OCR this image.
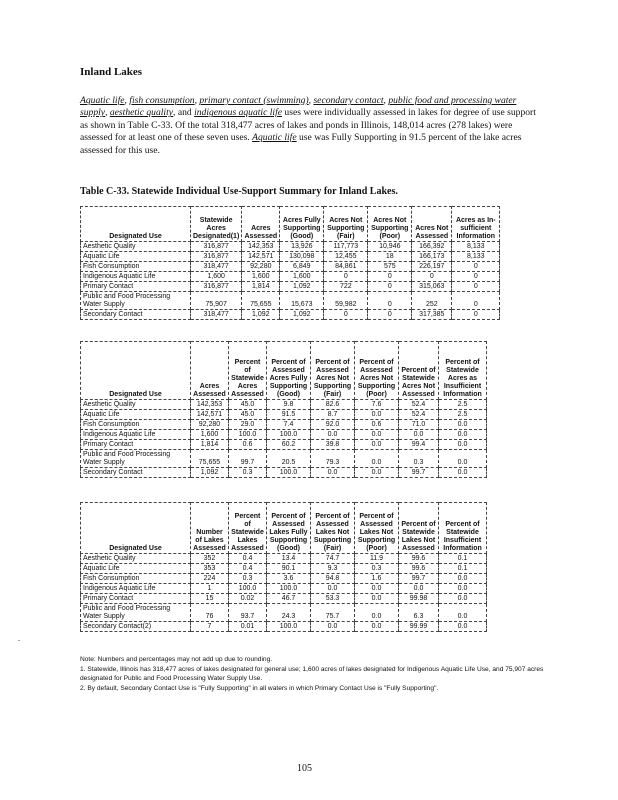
Inland Lakes
Aquatic life, fish consumption, primary contact (swimming), secondary contact, public food and processing water supply, aesthetic quality, and indigenous aquatic life uses were individually assessed in lakes for degree of use support as shown in Table C-33. Of the total 318,477 acres of lakes and ponds in Illinois, 148,014 acres (278 lakes) were assessed for at least one of these seven uses. Aquatic life use was Fully Supporting in 91.5 percent of the lake acres assessed for this use.
Table C-33. Statewide Individual Use-Support Summary for Inland Lakes.
Designated Use	Statewide Acres Designated(1)	Acres Assessed	Acres Fully Supporting (Good)	Acres Not Supporting (Fair)	Acres Not Supporting (Poor)	Acres Not Assessed	Acres as In-sufficient Information
Aesthetic Quality	316,877	142,353	13,926	117,773	10,946	166,392	8,133
Aquatic Life	316,877	142,571	130,098	12,455	18	166,173	8,133
Fish Consumption	318,477	92,280	6,849	84,861	575	226,197	0
Indigenous Aquatic Life	1,600	1,600	1,600	0	0	0	0
Primary Contact	316,877	1,814	1,092	722	0	315,063	0
Public and Food Processing Water Supply	75,907	75,655	15,673	59,982	0	252	0
Secondary Contact	318,477	1,092	1,092	0	0	317,385	0
Designated Use	Acres Assessed	Percent of Statewide Acres Assessed	Percent of Assessed Acres Fully Supporting (Good)	Percent of Assessed Acres Not Supporting (Fair)	Percent of Assessed Acres Not Supporting (Poor)	Percent of Statewide Acres Not Assessed	Percent of Statewide Acres as Insufficient Information
Aesthetic Quality	142,353	45.0	9.8	82.6	7.6	52.4	2.5
Aquatic Life	142,571	45.0	91.5	8.7	0.0	52.4	2.5
Fish Consumption	92,280	29.0	7.4	92.0	0.6	71.0	0.0
Indigenous Aquatic Life	1,600	100.0	100.0	0.0	0.0	0.0	0.0
Primary Contact	1,814	0.6	60.2	39.8	0.0	99.4	0.0
Public and Food Processing Water Supply	75,655	99.7	20.5	79.3	0.0	0.3	0.0
Secondary Contact	1,092	0.3	100.0	0.0	0.0	99.7	0.0
Designated Use	Number of Lakes Assessed	Percent of Statewide Lakes Assessed	Percent of Assessed Lakes Fully Supporting (Good)	Percent of Assessed Lakes Not Supporting (Fair)	Percent of Assessed Lakes Not Supporting (Poor)	Percent of Statewide Lakes Not Assessed	Percent of Statewide Insufficient Information
Aesthetic Quality	352	0.4	13.4	74.7	11.9	99.6	0.1
Aquatic Life	353	0.4	90.1	9.3	0.3	99.6	0.1
Fish Consumption	224	0.3	3.6	94.8	1.6	99.7	0.0
Indigenous Aquatic Life	1	100.0	100.0	0.0	0.0	0.0	0.0
Primary Contact	15	0.02	46.7	53.3	0.0	99.98	0.0
Public and Food Processing Water Supply	76	93.7	24.3	75.7	0.0	6.3	0.0
Secondary Contact(2)	7	0.01	100.0	0.0	0.0	99.99	0.0
Note: Numbers and percentages may not add up due to rounding.
1. Statewide, Illinois has 318,477 acres of lakes designated for general use; 1,600 acres of lakes designated for Indigenous Aquatic Life Use, and 75,907 acres designated for Public and Food Processing Water Supply Use.
2. By default, Secondary Contact Use is "Fully Supporting" in all waters in which Primary Contact Use is "Fully Supporting".
105
.
